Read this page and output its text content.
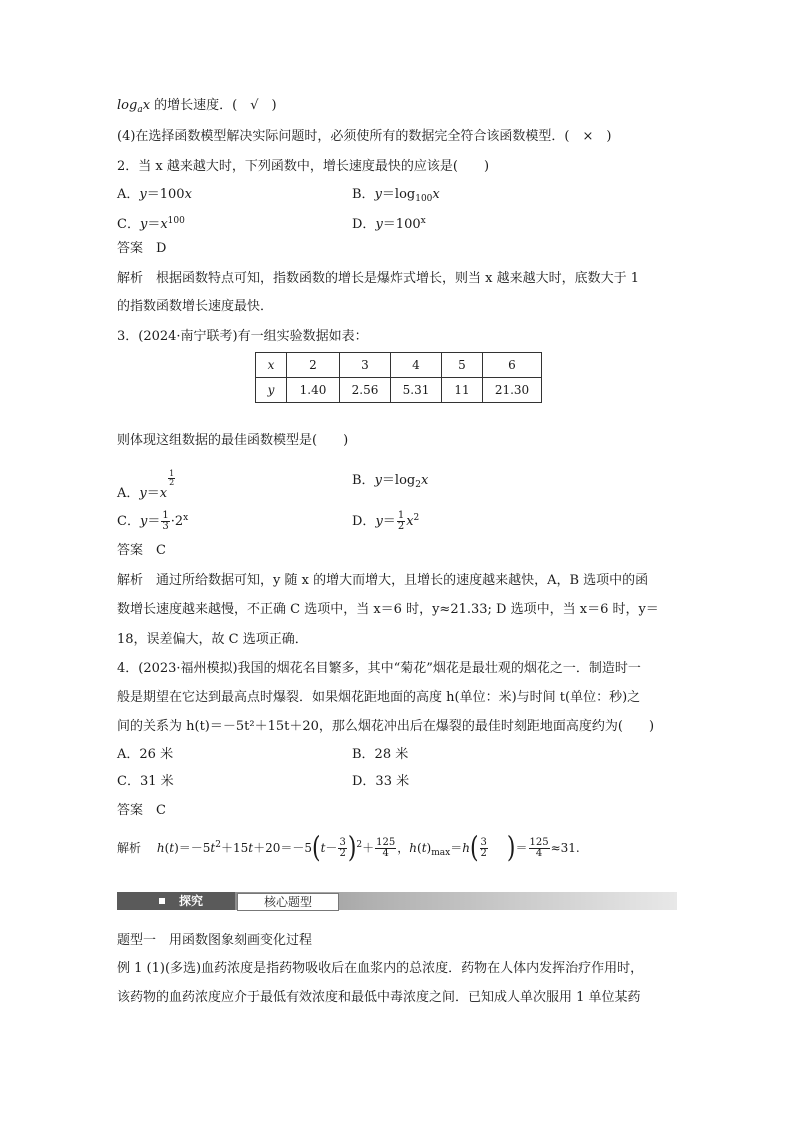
$\log_ax$ 的增长速度．(　√　)
(4)在选择函数模型解决实际问题时，必须使所有的数据完全符合该函数模型．(　×　)
2．当 x 越来越大时，下列函数中，增长速度最快的应该是(　　)
A．y＝100x	B．$y=\log_{100}x$
C．$y=x^{100}$	D．$y=100^x$
答案　 D
解析　 根据函数特点可知，指数函数的增长是爆炸式增长，则当 x 越来越大时，底数大于 1
的指数函数增长速度最快．
3．(2024·南宁联考)有一组实验数据如表：
x	2	3	4	5	6
y	1.40	2.56	5.31	11	21.30
则体现这组数据的最佳函数模型是(　　)
A．y＝x
$\frac{1}{2}$	B．$y=\log_2x$
C．$y= \frac{1}{3} \cdot 2^x$	D．$y= \frac{1}{2} x^2$
答案　 C
解析　 通过所给数据可知，y 随 x 的增大而增大，且增长的速度越来越快，A，B 选项中的函
数增长速度越来越慢，不正确 C 选项中，当 x＝6 时，y≈21.33; D 选项中，当 x＝6 时，y＝
18，误差偏大，故 C 选项正确．
4．(2023·福州模拟)我国的烟花名目繁多，其中“菊花”烟花是最壮观的烟花之一．制造时一
般是期望在它达到最高点时爆裂．如果烟花距地面的高度 h(单位：米)与时间 t(单位：秒)之
间的关系为 h(t)＝－5t²＋15t＋20，那么烟花冲出后在爆裂的最佳时刻距地面高度约为(　　)
A．26 米	B．28 米
C．31 米	D．33 米
答案　 C
解析　 $h(t)=-5t^2+15t+20=-5(t- \frac{3}{2} )^2+ \frac{125}{4}$ ，$h(t)_{max}=h( \frac{3}{2}$ )＝ $\frac{125}{4} \approx 31$.
探究	核心题型
题型一　用函数图象刻画变化过程
例 1 (1)(多选)血药浓度是指药物吸收后在血浆内的总浓度．药物在人体内发挥治疗作用时，
该药物的血药浓度应介于最低有效浓度和最低中毒浓度之间．已知成人单次服用 1 单位某药
